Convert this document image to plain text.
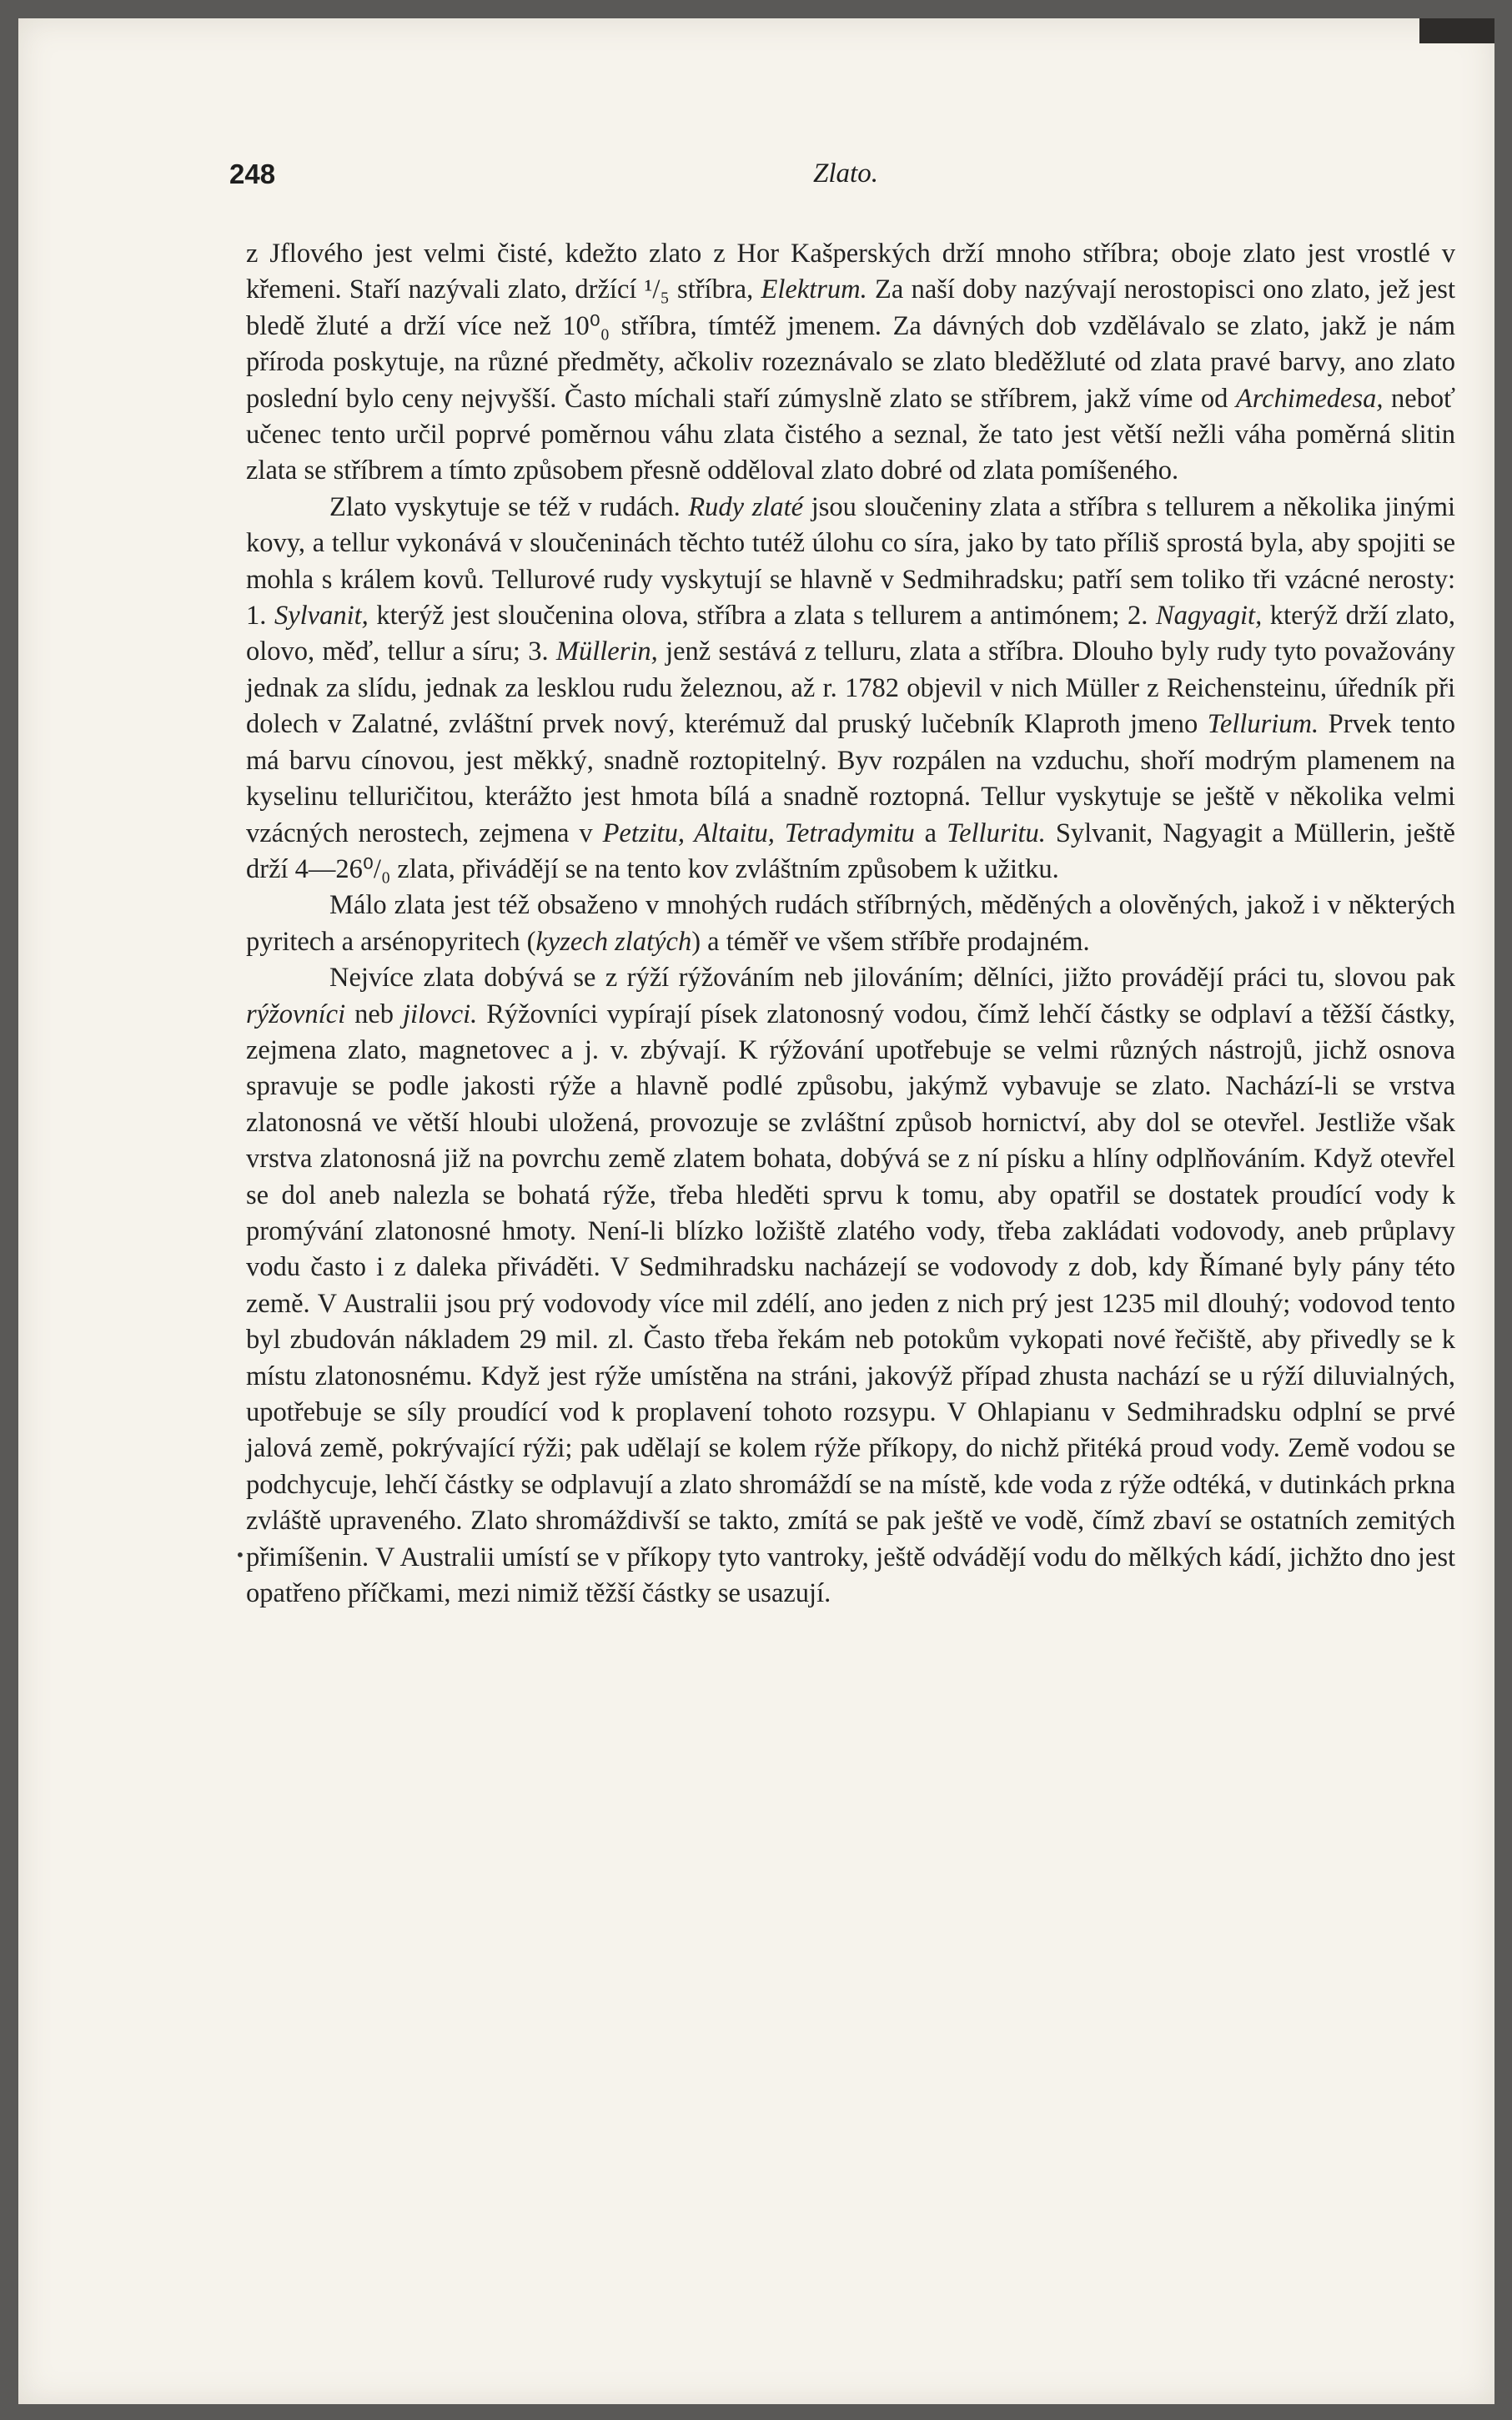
248	Zlato.
•

z Jflového jest velmi čisté, kdežto zlato z Hor Kašperských drží mnoho stříbra; oboje zlato jest vrostlé v křemeni. Staří nazývali zlato, držící ¹/₅ stříbra, Elektrum. Za naší doby nazývají nerostopisci ono zlato, jež jest bledě žluté a drží více než 10⁰₀ stříbra, tímtéž jmenem. Za dávných dob vzdělávalo se zlato, jakž je nám příroda poskytuje, na různé předměty, ačkoliv rozeznávalo se zlato bleděžluté od zlata pravé barvy, ano zlato poslední bylo ceny nejvyšší. Často míchali staří zúmyslně zlato se stříbrem, jakž víme od Archimedesa, neboť učenec tento určil poprvé poměrnou váhu zlata čistého a seznal, že tato jest větší nežli váha poměrná slitin zlata se stříbrem a tímto způsobem přesně odděloval zlato dobré od zlata pomíšeného.

Zlato vyskytuje se též v rudách. Rudy zlaté jsou sloučeniny zlata a stříbra s tellurem a několika jinými kovy, a tellur vykonává v sloučeninách těchto tutéž úlohu co síra, jako by tato příliš sprostá byla, aby spojiti se mohla s králem kovů. Tellurové rudy vyskytují se hlavně v Sedmihradsku; patří sem toliko tři vzácné nerosty: 1. Sylvanit, kterýž jest sloučenina olova, stříbra a zlata s tellurem a antimónem; 2. Nagyagit, kterýž drží zlato, olovo, měď, tellur a síru; 3. Müllerin, jenž sestává z telluru, zlata a stříbra. Dlouho byly rudy tyto považovány jednak za slídu, jednak za lesklou rudu železnou, až r. 1782 objevil v nich Müller z Reichensteinu, úředník při dolech v Zalatné, zvláštní prvek nový, kterémuž dal pruský lučebník Klaproth jmeno Tellurium. Prvek tento má barvu cínovou, jest měkký, snadně roztopitelný. Byv rozpálen na vzduchu, shoří modrým plamenem na kyselinu telluričitou, kterážto jest hmota bílá a snadně roztopná. Tellur vyskytuje se ještě v několika velmi vzácných nerostech, zejmena v Petzitu, Altaitu, Tetradymitu a Telluritu. Sylvanit, Nagyagit a Müllerin, ještě drží 4—26⁰/₀ zlata, přivádějí se na tento kov zvláštním způsobem k užitku.

Málo zlata jest též obsaženo v mnohých rudách stříbrných, měděných a olověných, jakož i v některých pyritech a arsénopyritech (kyzech zlatých) a téměř ve všem stříbře prodajném.

Nejvíce zlata dobývá se z rýží rýžováním neb jilováním; dělníci, jižto provádějí práci tu, slovou pak rýžovníci neb jilovci. Rýžovníci vypírají písek zlatonosný vodou, čímž lehčí částky se odplaví a těžší částky, zejmena zlato, magnetovec a j. v. zbývají. K rýžování upotřebuje se velmi různých nástrojů, jichž osnova spravuje se podle jakosti rýže a hlavně podlé způsobu, jakýmž vybavuje se zlato. Nachází-li se vrstva zlatonosná ve větší hloubi uložená, provozuje se zvláštní způsob hornictví, aby dol se otevřel. Jestliže však vrstva zlatonosná již na povrchu země zlatem bohata, dobývá se z ní písku a hlíny odplňováním. Když otevřel se dol aneb nalezla se bohatá rýže, třeba hleděti sprvu k tomu, aby opatřil se dostatek proudící vody k promývání zlatonosné hmoty. Není-li blízko ložiště zlatého vody, třeba zakládati vodovody, aneb průplavy vodu často i z daleka přiváděti. V Sedmihradsku nacházejí se vodovody z dob, kdy Římané byly pány této země. V Australii jsou prý vodovody více mil zdélí, ano jeden z nich prý jest 1235 mil dlouhý; vodovod tento byl zbudován nákladem 29 mil. zl. Často třeba řekám neb potokům vykopati nové řečiště, aby přivedly se k místu zlatonosnému. Když jest rýže umístěna na stráni, jakovýž případ zhusta nachází se u rýží diluvialných, upotřebuje se síly proudící vod k proplavení tohoto rozsypu. V Ohlapianu v Sedmihradsku odplní se prvé jalová země, pokrývající rýži; pak udělají se kolem rýže příkopy, do nichž přitéká proud vody. Země vodou se podchycuje, lehčí částky se odplavují a zlato shromáždí se na místě, kde voda z rýže odtéká, v dutinkách prkna zvláště upraveného. Zlato shromáždivší se takto, zmítá se pak ještě ve vodě, čímž zbaví se ostatních zemitých přimíšenin. V Australii umístí se v příkopy tyto vantroky, ještě odvádějí vodu do mělkých kádí, jichžto dno jest opatřeno příčkami, mezi nimiž těžší částky se usazují.
